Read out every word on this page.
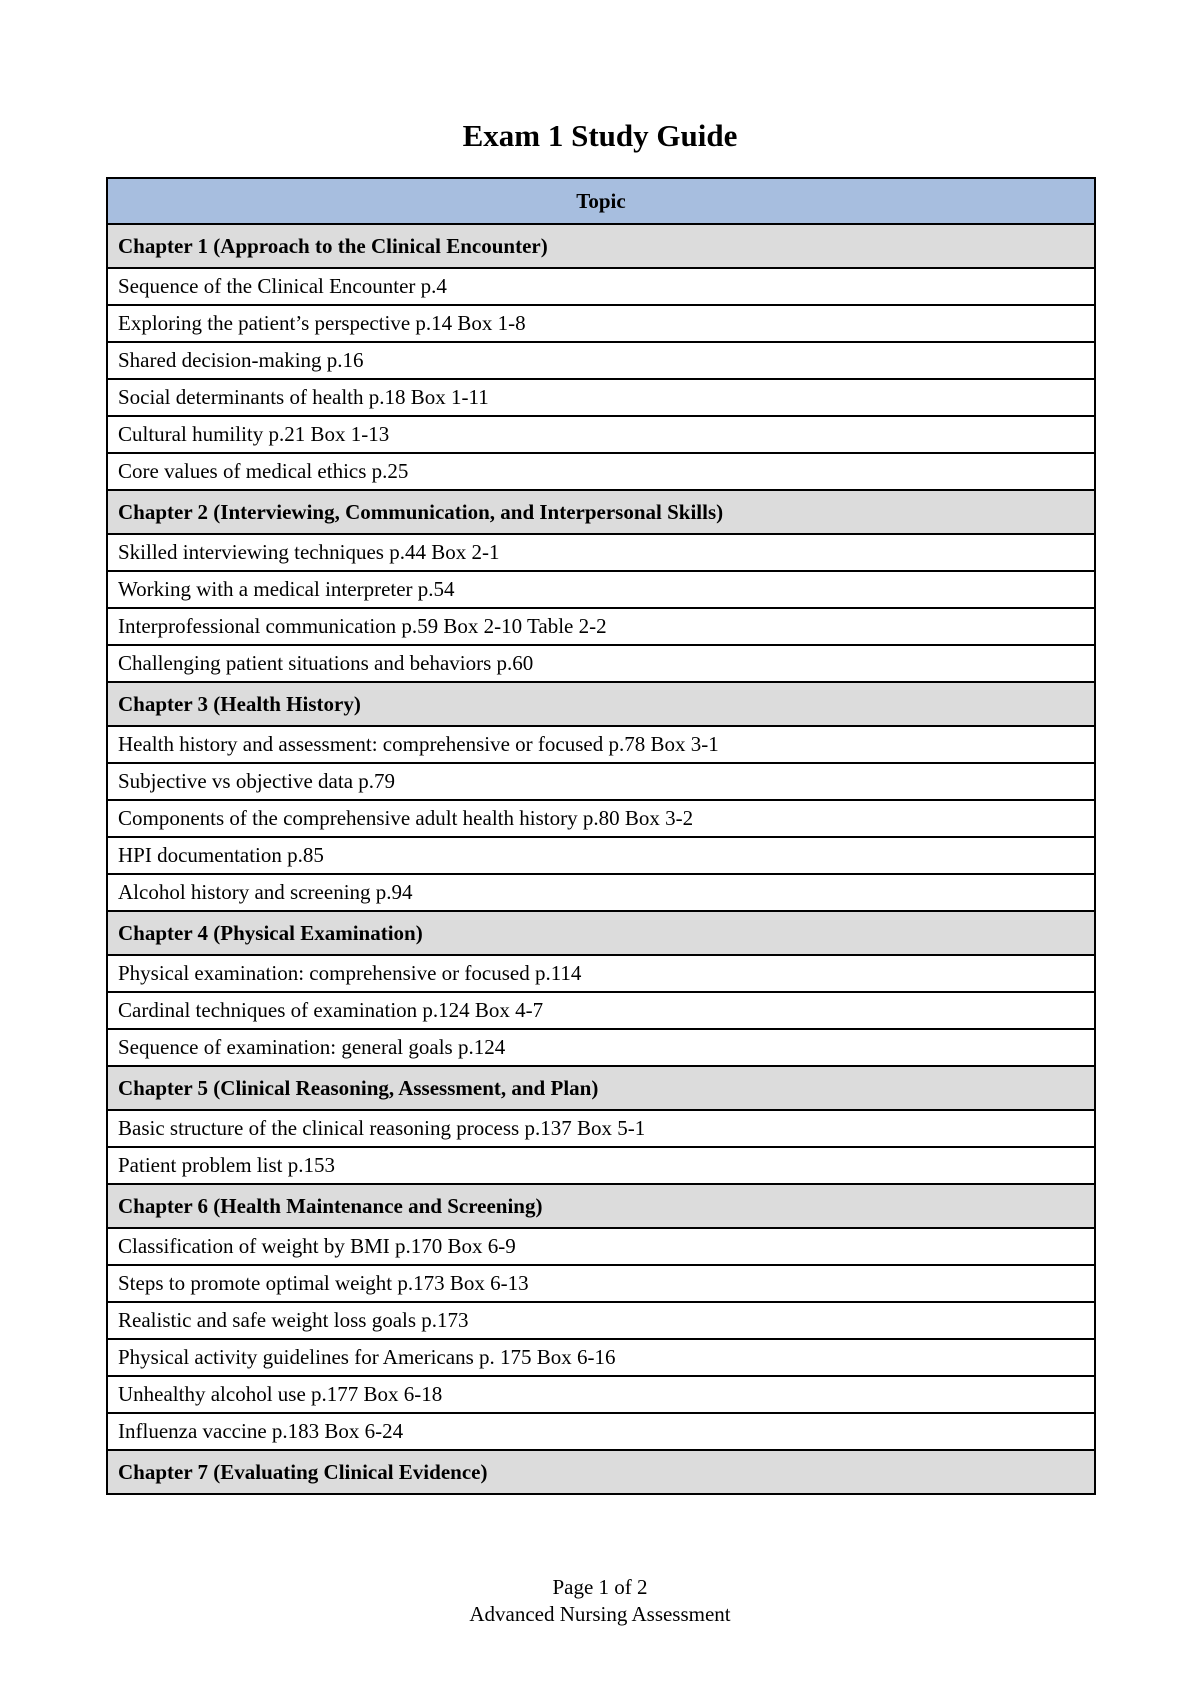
Exam 1 Study Guide
Topic
Chapter 1 (Approach to the Clinical Encounter)
Sequence of the Clinical Encounter p.4
Exploring the patient’s perspective p.14 Box 1-8
Shared decision-making p.16
Social determinants of health p.18 Box 1-11
Cultural humility p.21 Box 1-13
Core values of medical ethics p.25
Chapter 2 (Interviewing, Communication, and Interpersonal Skills)
Skilled interviewing techniques p.44 Box 2-1
Working with a medical interpreter p.54
Interprofessional communication p.59 Box 2-10 Table 2-2
Challenging patient situations and behaviors p.60
Chapter 3 (Health History)
Health history and assessment: comprehensive or focused p.78 Box 3-1
Subjective vs objective data p.79
Components of the comprehensive adult health history p.80 Box 3-2
HPI documentation p.85
Alcohol history and screening p.94
Chapter 4 (Physical Examination)
Physical examination: comprehensive or focused p.114
Cardinal techniques of examination p.124 Box 4-7
Sequence of examination: general goals p.124
Chapter 5 (Clinical Reasoning, Assessment, and Plan)
Basic structure of the clinical reasoning process p.137 Box 5-1
Patient problem list p.153
Chapter 6 (Health Maintenance and Screening)
Classification of weight by BMI p.170 Box 6-9
Steps to promote optimal weight p.173 Box 6-13
Realistic and safe weight loss goals p.173
Physical activity guidelines for Americans p. 175 Box 6-16
Unhealthy alcohol use p.177 Box 6-18
Influenza vaccine p.183 Box 6-24
Chapter 7 (Evaluating Clinical Evidence)
Page 1 of 2
Advanced Nursing Assessment
